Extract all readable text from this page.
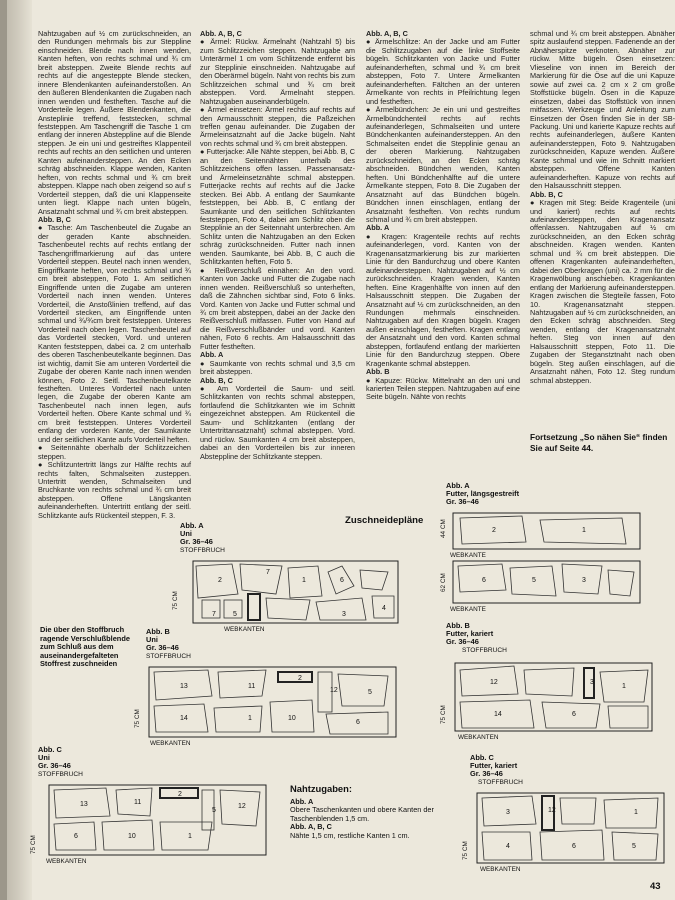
Nahtzugaben auf ½ cm zurückschneiden, an den Rundungen mehrmals bis zur Steppline einschneiden. Blende nach innen wenden, Kanten heften, von rechts schmal und ¾ cm breit absteppen. Zweite Blende rechts auf rechts auf die angesteppte Blende stecken, innere Blendenkanten aufeinanderstoßen. An den äußeren Blendenkanten die Zugaben nach innen wenden und festheften. Tasche auf die Vorderteile legen. Äußere Blendenkanten, die Ansteplinie treffend, feststecken, schmal feststeppen. Am Taschengriff die Tasche 1 cm entlang der inneren Absteppline auf die Blende steppen. Je ein uni und gestreiftes Klappenteil rechts auf rechts an den seitlichen und unteren Kanten aufeinandersteppen. An den Ecken schräg abschneiden. Klappe wenden, Kanten heften, von rechts schmal und ¾ cm breit absteppen. Klappe nach oben zeigend so auf s Vorderteil steppen, daß die uni Klappenseite unten liegt. Klappe nach unten bügeln, Ansatznaht schmal und ¾ cm breit absteppen.

Abb. B, C

● Tasche: Am Taschenbeutel die Zugabe an der geraden Kante abschneiden. Taschenbeutel rechts auf rechts entlang der Taschengriffmarkierung auf das untere Vorderteil steppen. Beutel nach innen wenden, Eingriffkante heften, von rechts schmal und ¾ cm breit absteppen, Foto 1. Am seitlichen Eingriffende unten die Zugabe am unteren Vorderteil nach innen wenden. Unteres Vorderteil, die Anstoßlinien treffend, auf das Vorderteil stecken, am Eingriffende unten schmal und ¾/¾cm breit feststeppen. Unteres Vorderteil nach oben legen. Taschenbeutel auf das Vorderteil stecken, Vord. und unteren Kanten feststeppen, dabei ca. 2 cm unterhalb des oberen Taschenbeutelkante beginnen. Das ist wichtig, damit Sie am unteren Vorderteil die Zugabe der oberen Kante nach innen wenden können, Foto 2. Seitl. Taschenbeutelkante festheften. Unteres Vorderteil nach unten legen, die Zugabe der oberen Kante am Taschenbeutel nach innen legen, aufs Vorderteil heften. Obere Kante schmal und ¾ cm breit feststeppen. Unteres Vorderteil entlang der vorderen Kante, der Saumkante und der seitlichen Kante aufs Vorderteil heften.

● Seitennähte oberhalb der Schlitzzeichen steppen.

● Schlitzuntertritt längs zur Hälfte rechts auf rechts falten, Schmalseiten zusteppen. Untertritt wenden, Schmalseiten und Bruchkante von rechts schmal und ¾ cm breit absteppen. Offene Längskanten aufeinanderheften. Untertritt entlang der seitl. Schlitzkante aufs Rückenteil steppen, F. 3.

Abb. A, B, C

● Ärmel: Rückw. Ärmelnaht (Nahtzahl 5) bis zum Schlitzzeichen steppen. Nahtzugabe am Unterärmel 1 cm vom Schlitzende entfernt bis zur Stepplinie einschneiden. Nahtzugabe auf den Oberärmel bügeln. Naht von rechts bis zum Schlitzzeichen schmal und ¾ cm breit absteppen. Vord. Ärmelnaht steppen. Nahtzugaben auseinanderbügeln.

● Ärmel einsetzen: Ärmel rechts auf rechts auf den Armausschnitt steppen, die Paßzeichen treffen genau aufeinander. Die Zugaben der Ärmeleinsatznaht auf die Jacke bügeln. Naht von rechts schmal und ¾ cm breit absteppen.

● Futterjacke: Alle Nähte steppen, bei Abb. B, C an den Seitennähten unterhalb des Schlitzzeichens offen lassen. Passenansatz- und Ärmeleinsetznähte schmal absteppen. Futterjacke rechts auf rechts auf die Jacke stecken. Bei Abb. A entlang der Saumkante feststeppen, bei Abb. B, C entlang der Saumkante und den seitlichen Schlitzkanten feststeppen, Foto 4, dabei am Schlitz oben die Stepplinie an der Seitennaht unterbrechen. Am Schlitz unten die Nahtzugaben an den Ecken schräg zurückschneiden. Futter nach innen wenden. Saumkante, bei Abb. B, C auch die Schlitzkanten heften, Foto 5.

● Reißverschluß einnähen: An den vord. Kanten von Jacke und Futter die Zugabe nach innen wenden. Reißverschluß so unterheften, daß die Zähnchen sichtbar sind, Foto 6 links. Vord. Kanten von Jacke und Futter schmal und ¾ cm breit absteppen, dabei an der Jacke den Reißverschluß mitfassen. Futter von Hand auf die Reißverschlußbänder und vord. Kanten nähen, Foto 6 rechts. Am Halsausschnitt das Futter festheften.

Abb. A

● Saumkante von rechts schmal und 3,5 cm breit absteppen.

Abb. B, C

● Am Vorderteil die Saum- und seitl. Schlitzkanten von rechts schmal absteppen, fortlaufend die Schlitzkanten wie im Schnitt eingezeichnet absteppen. Am Rückenteil die Saum- und Schlitzkanten (entlang der Untertrittansatznaht) schmal absteppen. Vord. und rückw. Saumkanten 4 cm breit absteppen, dabei an den Vorderteilen bis zur inneren Absteppline der Schlitzkante steppen.

Abb. A, B, C

● Ärmelschlitze: An der Jacke und am Futter die Schlitzzugaben auf die linke Stoffseite bügeln. Schlitzkanten von Jacke und Futter aufeinanderheften, schmal und ¾ cm breit absteppen, Foto 7. Untere Ärmelkanten aufeinanderheften. Fältchen an der unteren Ärmelkante von rechts in Pfeilrichtung legen und festheften.

● Ärmelbündchen: Je ein uni und gestreiftes Ärmelbündchenteil rechts auf rechts aufeinanderlegen, Schmalseiten und untere Bündchenkanten aufeinandersteppen. An den Schmalseiten endet die Stepplinie genau an der oberen Markierung. Nahtzugaben zurückschneiden, an den Ecken schräg abschneiden. Bündchen wenden, Kanten heften. Uni Bündchenhälfte auf die untere Ärmelkante steppen, Foto 8. Die Zugaben der Ansatznaht auf das Bündchen bügeln. Bündchen innen einschlagen, entlang der Ansatznaht festheften. Von rechts rundum schmal und ¾ cm breit absteppen.

Abb. A

● Kragen: Kragenteile rechts auf rechts aufeinanderlegen, vord. Kanten von der Kragenansatzmarkierung bis zur markierten Linie für den Bandurchzug und obere Kanten aufeinandersteppen. Nahtzugaben auf ½ cm zurückschneiden. Kragen wenden, Kanten heften. Eine Kragenhälfte von innen auf den Halsausschnitt steppen. Die Zugaben der Ansatznaht auf ½ cm zurückschneiden, an den Rundungen mehrmals einschneiden. Nahtzugaben auf den Kragen bügeln. Kragen außen einschlagen, festheften. Kragen entlang der Ansatznaht und den vord. Kanten schmal absteppen, fortlaufend entlang der markierten Linie für den Bandurchzug steppen. Obere Kragenkante schmal absteppen.

Abb. B

● Kapuze: Rückw. Mittelnaht an den uni und karierten Teilen steppen. Nahtzugaben auf eine Seite bügeln. Nähte von rechts

schmal und ¾ cm breit absteppen. Abnäher spitz auslaufend steppen. Fadenende an der Abnäherspitze verknoten. Abnäher zur rückw. Mitte bügeln. Ösen einsetzen: Vlieseline von innen im Bereich der Markierung für die Öse auf die uni Kapuze sowie auf zwei ca. 2 cm x 2 cm große Stoffstücke bügeln. Ösen in die Kapuze einsetzen, dabei das Stoffstück von innen mitfassen. Werkzeuge und Anleitung zum Einsetzen der Ösen finden Sie in der SB-Packung. Uni und karierte Kapuze rechts auf rechts aufeinanderlegen, äußere Kanten aufeinandersteppen, Foto 9. Nahtzugaben zurückschneiden, Kapuze wenden. Äußere Kante schmal und wie im Schnitt markiert absteppen. Offene Kanten aufeinanderheften. Kapuze von rechts auf den Halsausschnitt steppen.

Abb. B, C

● Kragen mit Steg: Beide Kragenteile (uni und kariert) rechts auf rechts aufeinandersteppen, den Kragenansatz offenlassen. Nahtzugaben auf ½ cm zurückschneiden, an den Ecken schräg abschneiden. Kragen wenden. Kanten schmal und ¾ cm breit absteppen. Die offenen Kragenkanten aufeinanderheften, dabei den Oberkragen (uni) ca. 2 mm für die Kragenwölbung anschieben. Kragenkanten entlang der Markierung aufeinandersteppen. Kragen zwischen die Stegteile fassen, Foto 10. Kragenansatznaht steppen. Nahtzugaben auf ½ cm zurückschneiden, an den Ecken schräg abschneiden. Steg wenden, entlang der Kragenansatznaht heften. Steg von innen auf den Halsausschnitt steppen, Foto 11. Die Zugaben der Steganstztnaht nach oben bügeln. Steg außen einschlagen, auf die Ansatznaht nähen, Foto 12. Steg rundum schmal absteppen.

Fortsetzung „So nähen Sie“ finden Sie auf Seite 44.
Zuschneidepläne
Die über den Stoffbruch ragende Verschlußblende zum Schluß aus dem auseinandergefalteten Stoffrest zuschneiden
Abb. A
Uni
Gr. 36–46
STOFFBRUCH
75 CM
2
7
7 5
1	6
3
4
WEBKANTEN
Abb. A
Futter, längsgestreift
Gr. 36–46
44 CM	2	1
WEBKANTE
62 CM	6	5	3
WEBKANTE
Abb. B
Uni
Gr. 36–46
STOFFBRUCH
75 CM
13	11
2
12	5
1
14	10
6
WEBKANTEN
Abb. B
Futter, kariert
Gr. 36–46
STOFFBRUCH
75 CM
12	3
14
1
6
WEBKANTEN
Abb. C
Uni
Gr. 36–46
STOFFBRUCH
75 CM
13	11
2
12
5
1
6	10
WEBKANTEN
Abb. C
Futter, kariert
Gr. 36–46
STOFFBRUCH
75 CM
12
3	1
6	5
4
WEBKANTEN
Nahtzugaben:
Abb. A
Obere Taschenkanten und obere Kanten der Taschenblenden 1,5 cm.
Abb. A, B, C
Nähte 1,5 cm, restliche Kanten 1 cm.
43
